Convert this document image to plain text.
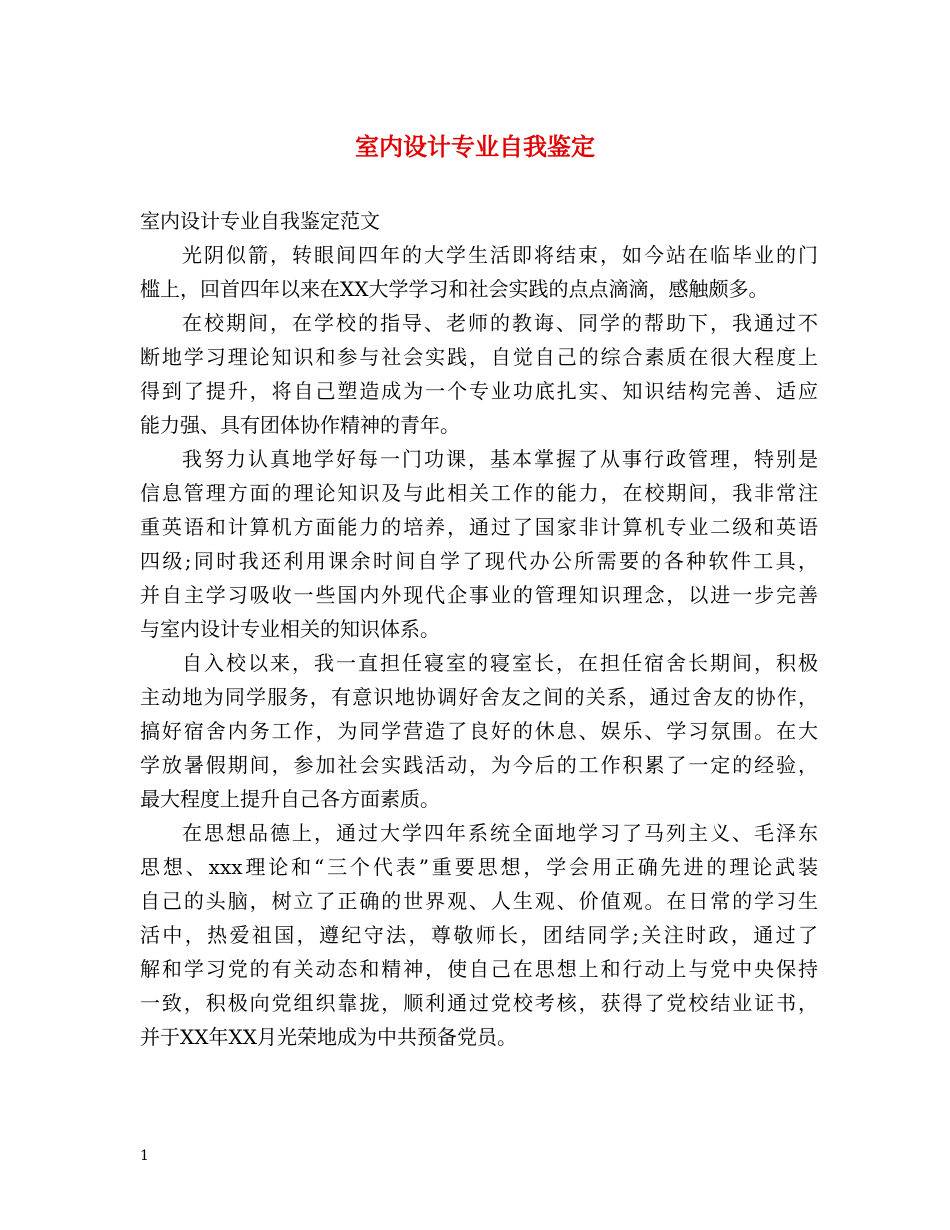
室内设计专业自我鉴定

室内设计专业自我鉴定范文

光阴似箭，转眼间四年的大学生活即将结束，如今站在临毕业的门
槛上，回首四年以来在XX大学学习和社会实践的点点滴滴，感触颇多。
在校期间，在学校的指导、老师的教诲、同学的帮助下，我通过不
断地学习理论知识和参与社会实践，自觉自己的综合素质在很大程度上
得到了提升，将自己塑造成为一个专业功底扎实、知识结构完善、适应
能力强、具有团体协作精神的青年。
我努力认真地学好每一门功课，基本掌握了从事行政管理，特别是
信息管理方面的理论知识及与此相关工作的能力，在校期间，我非常注
重英语和计算机方面能力的培养，通过了国家非计算机专业二级和英语
四级;同时我还利用课余时间自学了现代办公所需要的各种软件工具，
并自主学习吸收一些国内外现代企事业的管理知识理念，以进一步完善
与室内设计专业相关的知识体系。
自入校以来，我一直担任寝室的寝室长，在担任宿舍长期间，积极
主动地为同学服务，有意识地协调好舍友之间的关系，通过舍友的协作，
搞好宿舍内务工作，为同学营造了良好的休息、娱乐、学习氛围。在大
学放暑假期间，参加社会实践活动，为今后的工作积累了一定的经验，
最大程度上提升自己各方面素质。
在思想品德上，通过大学四年系统全面地学习了马列主义、毛泽东
思想、xxx理论和“三个代表”重要思想，学会用正确先进的理论武装
自己的头脑，树立了正确的世界观、人生观、价值观。在日常的学习生
活中，热爱祖国，遵纪守法，尊敬师长，团结同学;关注时政，通过了
解和学习党的有关动态和精神，使自己在思想上和行动上与党中央保持
一致，积极向党组织靠拢，顺利通过党校考核，获得了党校结业证书，
并于XX年XX月光荣地成为中共预备党员。

1
